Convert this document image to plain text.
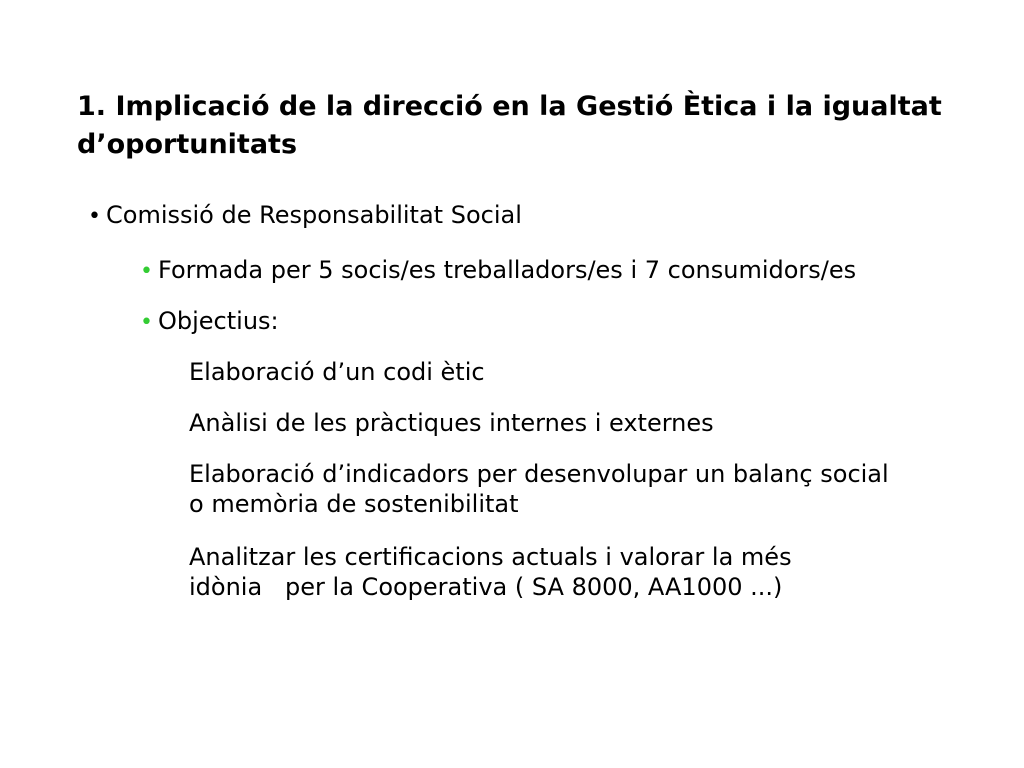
1. Implicació de la direcció en la Gestió Ètica i la igualtat d’oportunitats
• Comissió de Responsabilitat Social
• Formada per 5 socis/es treballadors/es i 7 consumidors/es
• Objectius:
Elaboració d’un codi ètic
Anàlisi de les pràctiques internes i externes
Elaboració d’indicadors per desenvolupar un balanç social
o memòria de sostenibilitat
Analitzar les certificacions actuals i valorar la més
idònia   per la Cooperativa ( SA 8000, AA1000 ...)
